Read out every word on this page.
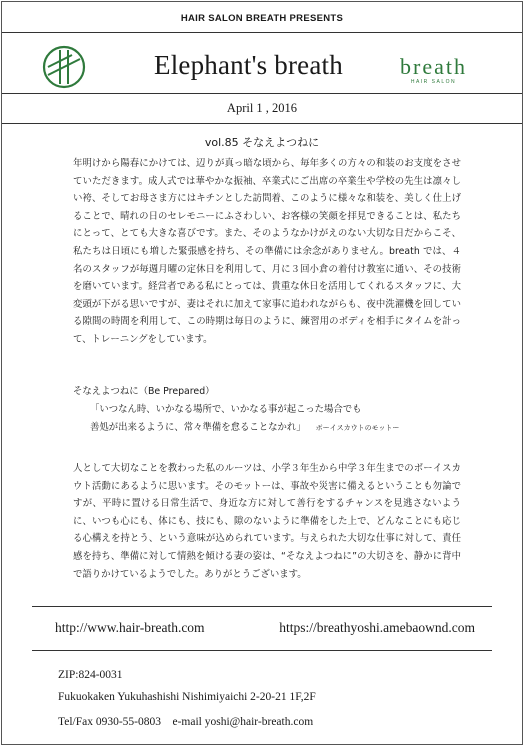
HAIR SALON BREATH PRESENTS
Elephant's breath	breath
HAIR SALON
April 1 , 2016
vol.85 そなえよつねに
年明けから陽春にかけては、辺りが真っ暗な頃から、毎年多くの方々の和装のお支度をさせていただきます。成人式では華やかな振袖、卒業式にご出席の卒業生や学校の先生は凛々しい袴、そしてお母さま方にはキチンとした訪問着、このように様々な和装を、美しく仕上げることで、晴れの日のセレモニーにふさわしい、お客様の笑顔を拝見できることは、私たちにとって、とても大きな喜びです。また、そのようなかけがえのない大切な日だからこそ、私たちは日頃にも増した緊張感を持ち、その準備には余念がありません。breath では、４名のスタッフが毎週月曜の定休日を利用して、月に３回小倉の着付け教室に通い、その技術を磨いています。経営者である私にとっては、貴重な休日を活用してくれるスタッフに、大変頭が下がる思いですが、妻はそれに加えて家事に追われながらも、夜中洗濯機を回している隙間の時間を利用して、この時期は毎日のように、練習用のボディを相手にタイムを計って、トレーニングをしています。
そなえよつねに（Be Prepared）
「いつなん時、いかなる場所で、いかなる事が起こった場合でも
善処が出来るように、常々準備を怠ることなかれ」 ボーイスカウトのモットー
人として大切なことを教わった私のルーツは、小学３年生から中学３年生までのボーイスカウト活動にあるように思います。そのモットーは、事故や災害に備えるということも勿論ですが、平時に置ける日常生活で、身近な方に対して善行をするチャンスを見逃さないように、いつも心にも、体にも、技にも、隙のないように準備をした上で、どんなことにも応じる心構えを持とう、という意味が込められています。与えられた大切な仕事に対して、責任感を持ち、準備に対して情熱を傾ける妻の姿は、“そなえよつねに”の大切さを、静かに背中で語りかけているようでした。ありがとうございます。
http://www.hair-breath.com	https://breathyoshi.amebaownd.com
ZIP:824-0031
Fukuokaken Yukuhashishi Nishimiyaichi 2-20-21 1F,2F
Tel/Fax 0930-55-0803　e-mail yoshi@hair-breath.com
